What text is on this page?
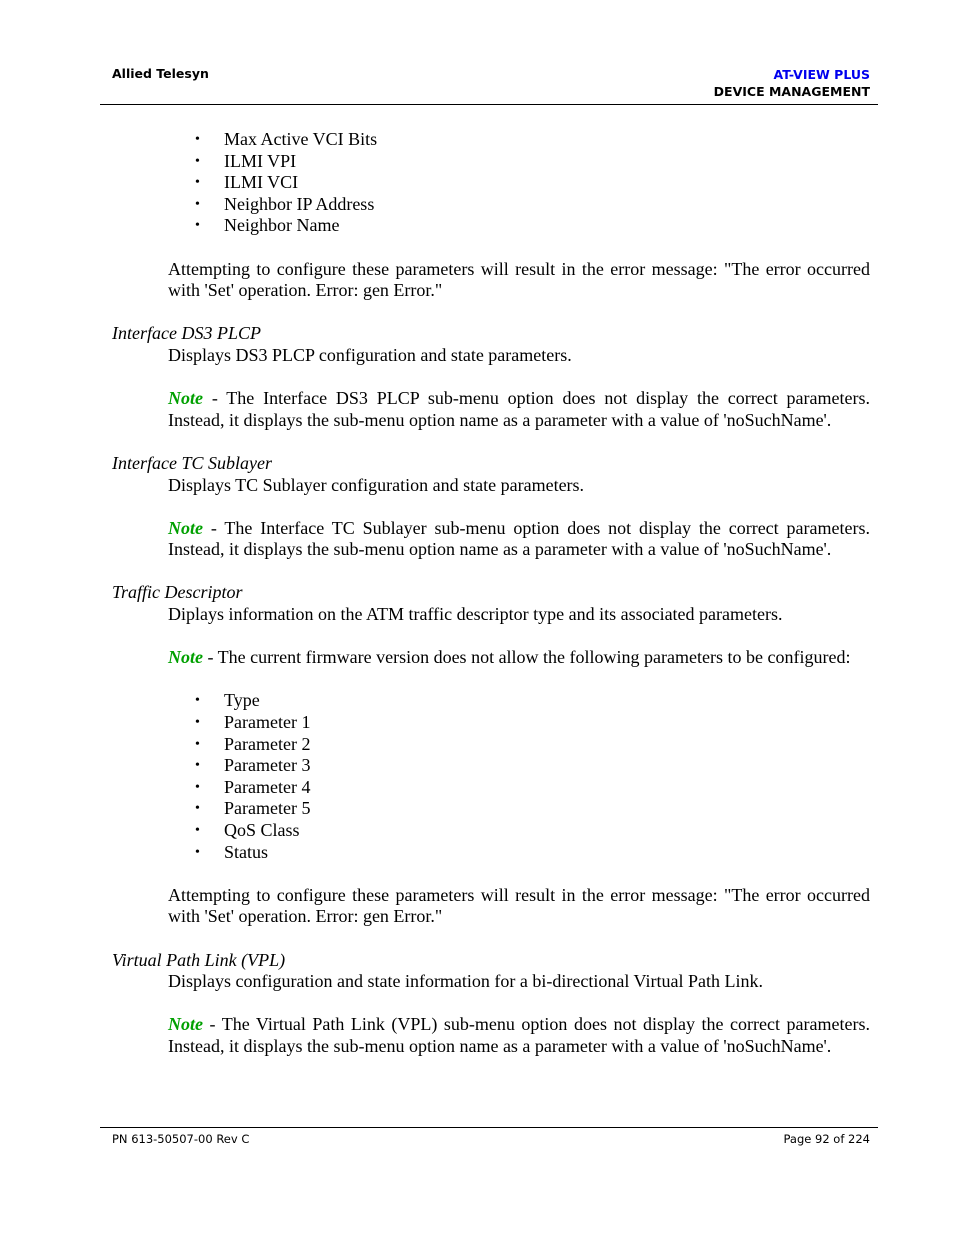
Allied Telesyn	AT-VIEW PLUS
DEVICE MANAGEMENT
• Max Active VCI Bits
• ILMI VPI
• ILMI VCI
• Neighbor IP Address
• Neighbor Name

Attempting to configure these parameters will result in the error message: "The error occurred with 'Set' operation. Error: gen Error."

Interface DS3 PLCP

Displays DS3 PLCP configuration and state parameters.

Note - The Interface DS3 PLCP sub-menu option does not display the correct parameters. Instead, it displays the sub-menu option name as a parameter with a value of 'noSuchName'.

Interface TC Sublayer

Displays TC Sublayer configuration and state parameters.

Note - The Interface TC Sublayer sub-menu option does not display the correct parameters. Instead, it displays the sub-menu option name as a parameter with a value of 'noSuchName'.

Traffic Descriptor

Diplays information on the ATM traffic descriptor type and its associated parameters.

Note - The current firmware version does not allow the following parameters to be configured:

• Type
• Parameter 1
• Parameter 2
• Parameter 3
• Parameter 4
• Parameter 5
• QoS Class
• Status

Attempting to configure these parameters will result in the error message: "The error occurred with 'Set' operation. Error: gen Error."

Virtual Path Link (VPL)

Displays configuration and state information for a bi-directional Virtual Path Link.

Note - The Virtual Path Link (VPL) sub-menu option does not display the correct parameters. Instead, it displays the sub-menu option name as a parameter with a value of 'noSuchName'.

PN 613-50507-00 Rev C	Page 92 of 224
